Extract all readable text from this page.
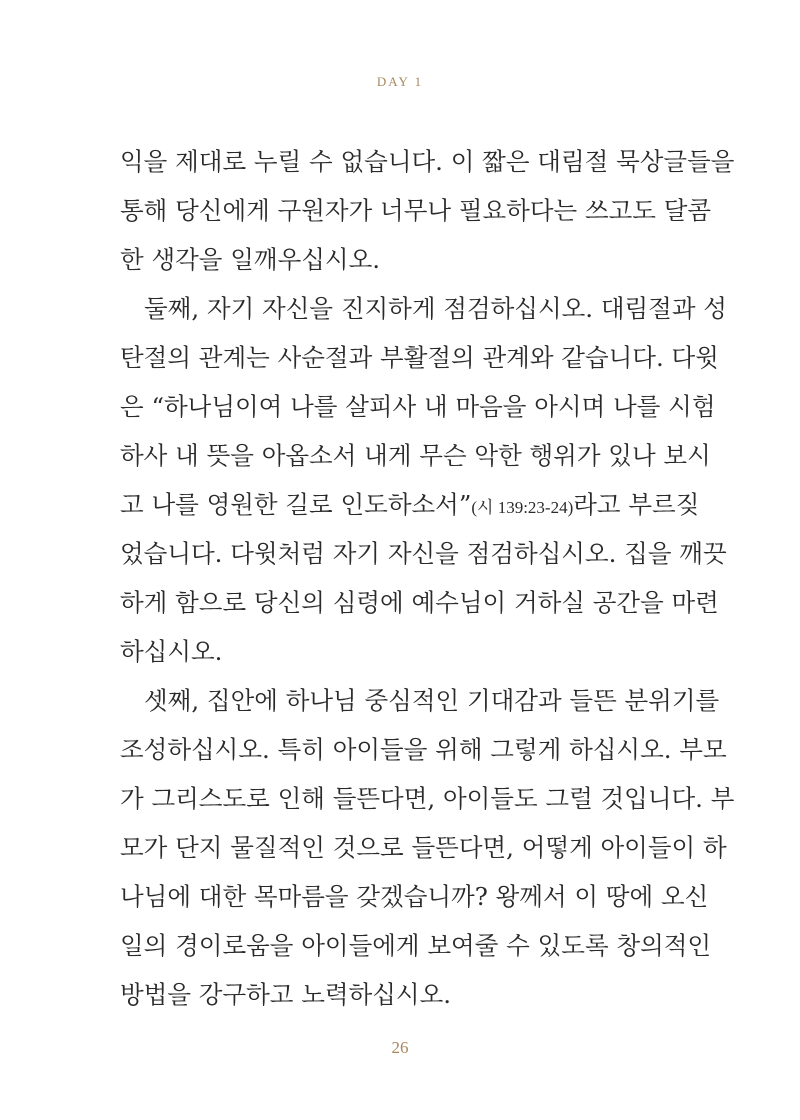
DAY 1
익을 제대로 누릴 수 없습니다. 이 짧은 대림절 묵상글들을
통해 당신에게 구원자가 너무나 필요하다는 쓰고도 달콤
한 생각을 일깨우십시오.
둘째, 자기 자신을 진지하게 점검하십시오. 대림절과 성
탄절의 관계는 사순절과 부활절의 관계와 같습니다. 다윗
은 “하나님이여 나를 살피사 내 마음을 아시며 나를 시험
하사 내 뜻을 아옵소서 내게 무슨 악한 행위가 있나 보시
고 나를 영원한 길로 인도하소서”(시 139:23-24)라고 부르짖
었습니다. 다윗처럼 자기 자신을 점검하십시오. 집을 깨끗
하게 함으로 당신의 심령에 예수님이 거하실 공간을 마련
하십시오.
셋째, 집안에 하나님 중심적인 기대감과 들뜬 분위기를
조성하십시오. 특히 아이들을 위해 그렇게 하십시오. 부모
가 그리스도로 인해 들뜬다면, 아이들도 그럴 것입니다. 부
모가 단지 물질적인 것으로 들뜬다면, 어떻게 아이들이 하
나님에 대한 목마름을 갖겠습니까? 왕께서 이 땅에 오신
일의 경이로움을 아이들에게 보여줄 수 있도록 창의적인
방법을 강구하고 노력하십시오.
26
